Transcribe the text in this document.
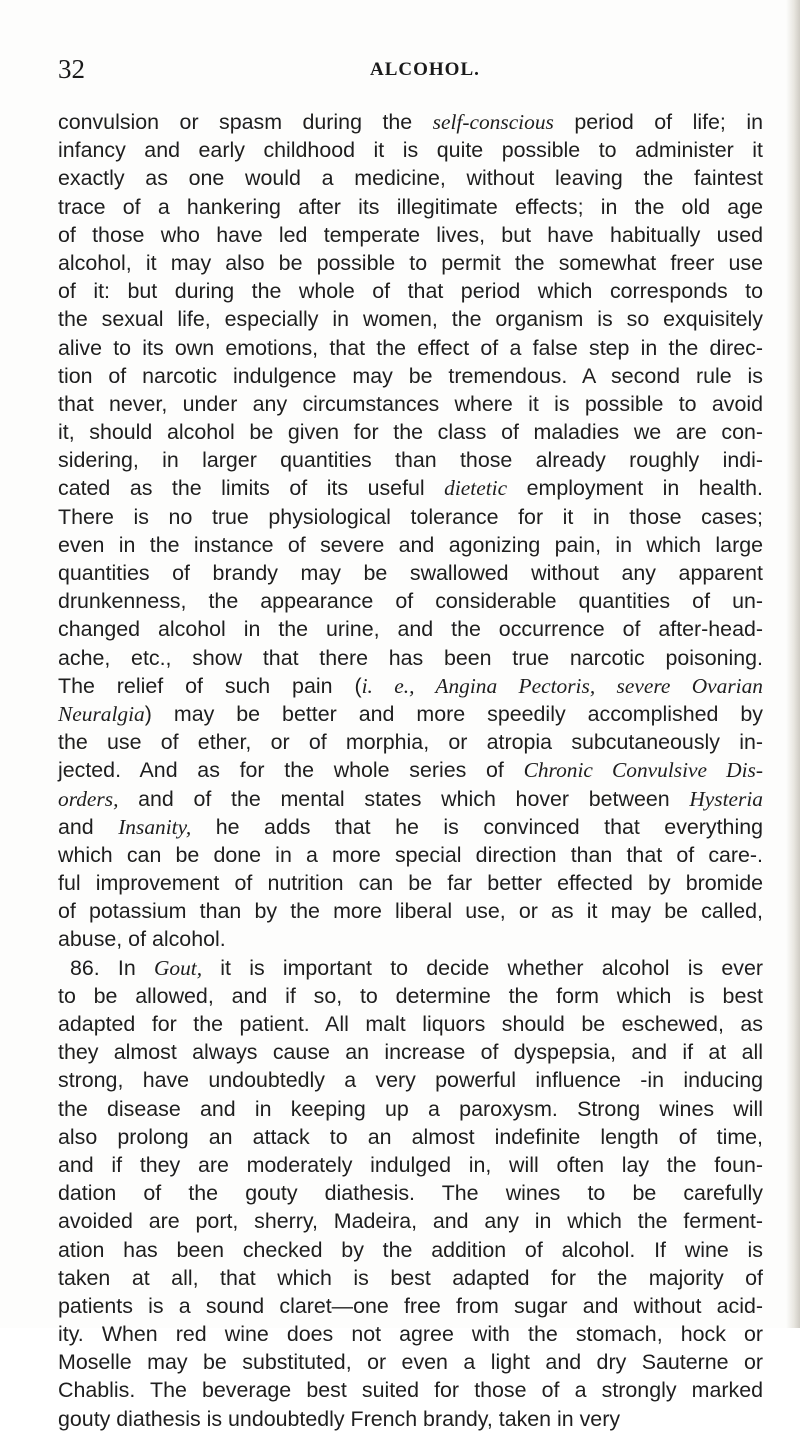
32	ALCOHOL.
convulsion or spasm during the self-conscious period of life; in
infancy and early childhood it is quite possible to administer it
exactly as one would a medicine, without leaving the faintest
trace of a hankering after its illegitimate effects; in the old age
of those who have led temperate lives, but have habitually used
alcohol, it may also be possible to permit the somewhat freer use
of it: but during the whole of that period which corresponds to
the sexual life, especially in women, the organism is so exquisitely
alive to its own emotions, that the effect of a false step in the direc-
tion of narcotic indulgence may be tremendous. A second rule is
that never, under any circumstances where it is possible to avoid
it, should alcohol be given for the class of maladies we are con-
sidering, in larger quantities than those already roughly indi-
cated as the limits of its useful dietetic employment in health.
There is no true physiological tolerance for it in those cases;
even in the instance of severe and agonizing pain, in which large
quantities of brandy may be swallowed without any apparent
drunkenness, the appearance of considerable quantities of un-
changed alcohol in the urine, and the occurrence of after-head-
ache, etc., show that there has been true narcotic poisoning.
The relief of such pain (i. e., Angina Pectoris, severe Ovarian
Neuralgia) may be better and more speedily accomplished by
the use of ether, or of morphia, or atropia subcutaneously in-
jected. And as for the whole series of Chronic Convulsive Dis-
orders, and of the mental states which hover between Hysteria
and Insanity, he adds that he is convinced that everything
which can be done in a more special direction than that of care-.
ful improvement of nutrition can be far better effected by bromide
of potassium than by the more liberal use, or as it may be called,
abuse, of alcohol.
86. In Gout, it is important to decide whether alcohol is ever
to be allowed, and if so, to determine the form which is best
adapted for the patient. All malt liquors should be eschewed, as
they almost always cause an increase of dyspepsia, and if at all
strong, have undoubtedly a very powerful influence -in inducing
the disease and in keeping up a paroxysm. Strong wines will
also prolong an attack to an almost indefinite length of time,
and if they are moderately indulged in, will often lay the foun-
dation of the gouty diathesis. The wines to be carefully
avoided are port, sherry, Madeira, and any in which the ferment-
ation has been checked by the addition of alcohol. If wine is
taken at all, that which is best adapted for the majority of
patients is a sound claret—one free from sugar and without acid-
ity. When red wine does not agree with the stomach, hock or
Moselle may be substituted, or even a light and dry Sauterne or
Chablis. The beverage best suited for those of a strongly marked
gouty diathesis is undoubtedly French brandy, taken in very
